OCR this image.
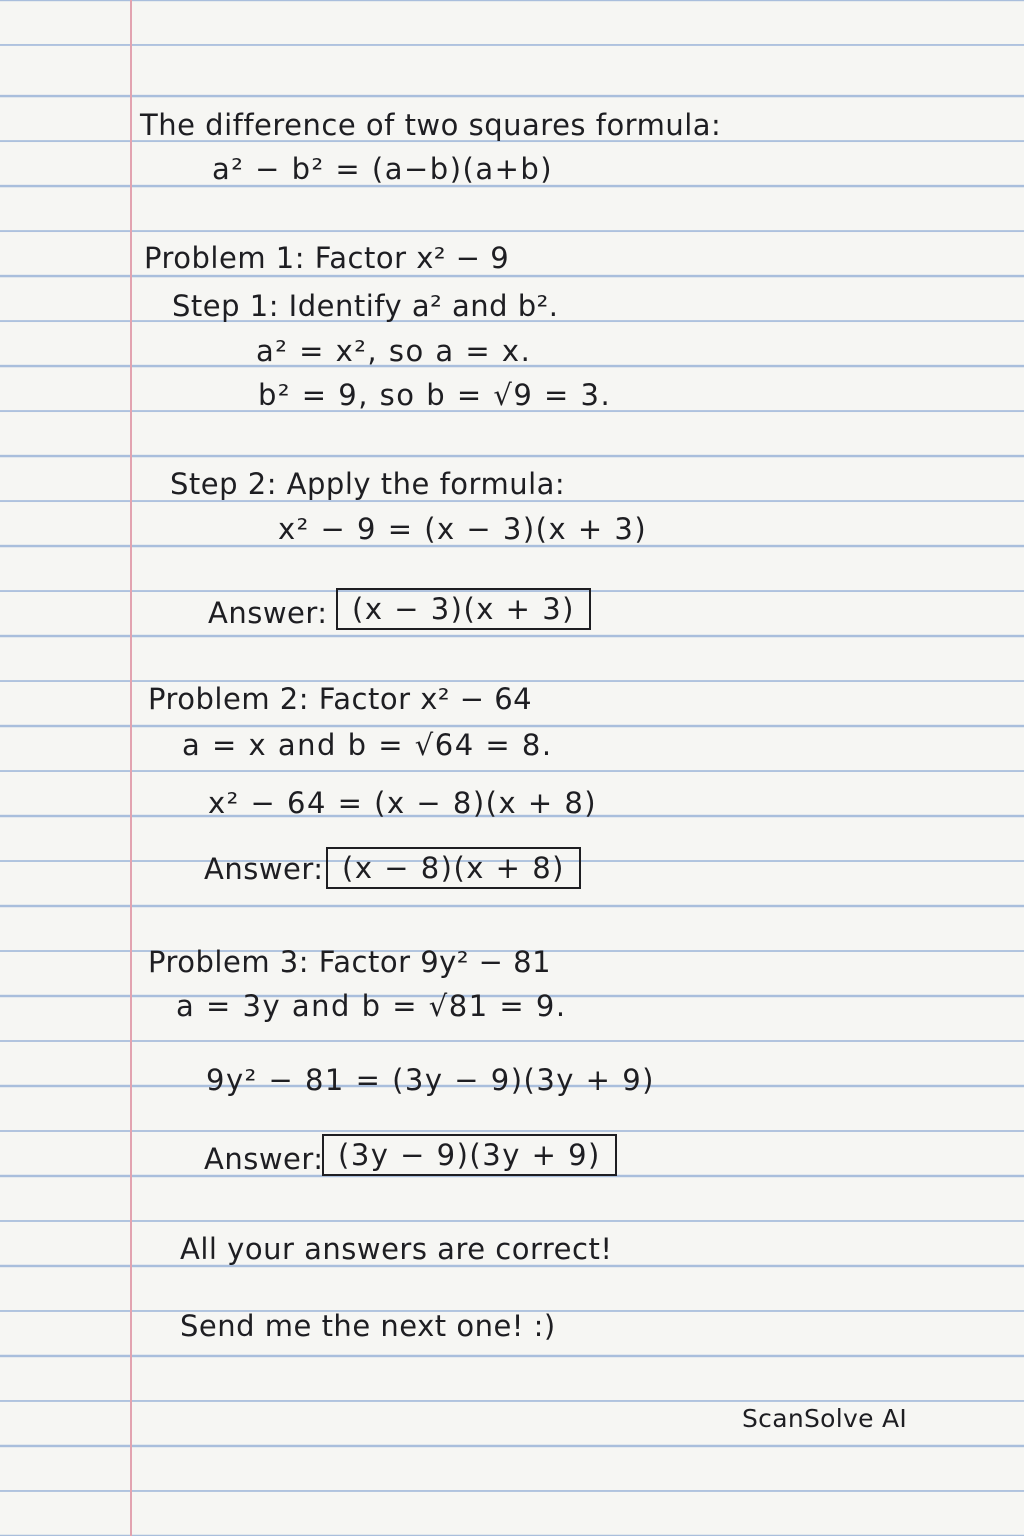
The difference of two squares formula:
a² − b² = (a−b)(a+b)
Problem 1: Factor x² − 9
Step 1: Identify a² and b².
a² = x², so a = x.
b² = 9, so b = √9 = 3.
Step 2: Apply the formula:
x² − 9 = (x − 3)(x + 3)
Answer: (x − 3)(x + 3)
Problem 2: Factor x² − 64
a = x and b = √64 = 8.
x² − 64 = (x − 8)(x + 8)
Answer: (x − 8)(x + 8)
Problem 3: Factor 9y² − 81
a = 3y and b = √81 = 9.
9y² − 81 = (3y − 9)(3y + 9)
Answer: (3y − 9)(3y + 9)
All your answers are correct!
Send me the next one! :)
ScanSolve AI
